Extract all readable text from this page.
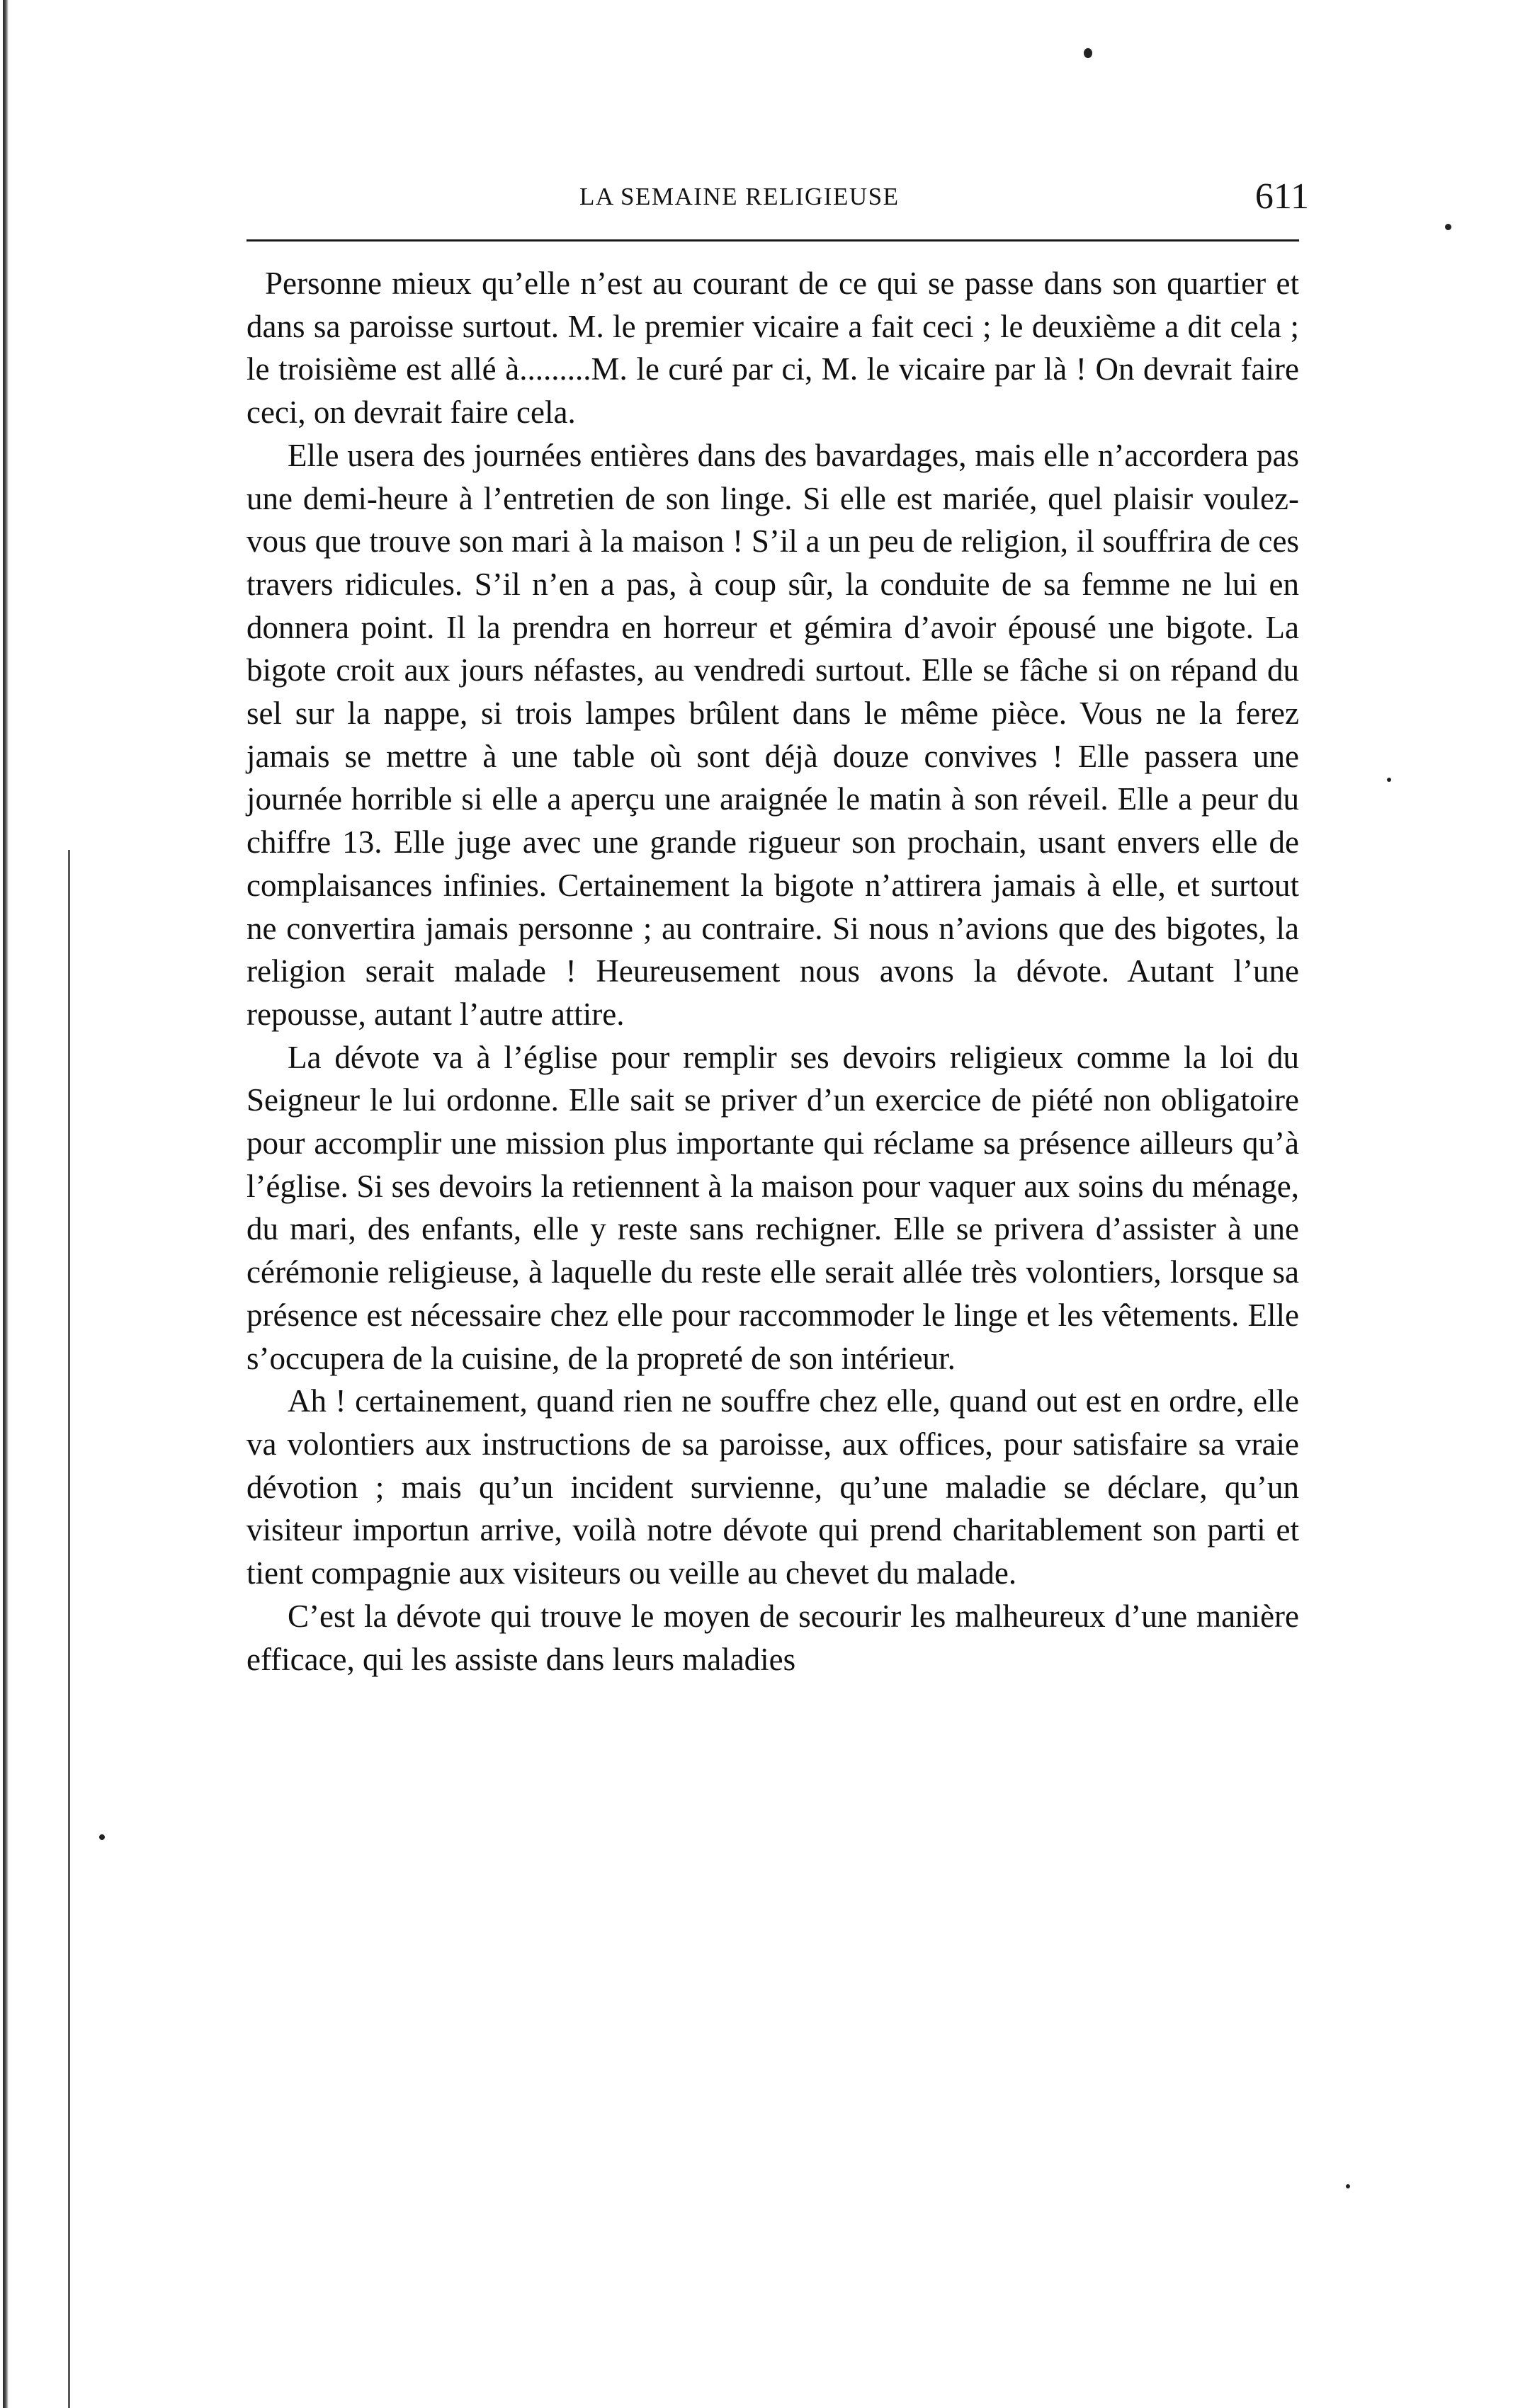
LA SEMAINE RELIGIEUSE	611

Personne mieux qu’elle n’est au courant de ce qui se passe dans son quartier et dans sa paroisse surtout. M. le premier vicaire a fait ceci ; le deuxième a dit cela ; le troisième est allé à.........M. le curé par ci, M. le vicaire par là ! On devrait faire ceci, on devrait faire cela.

Elle usera des journées entières dans des bavardages, mais elle n’accordera pas une demi-heure à l’entretien de son linge. Si elle est mariée, quel plaisir voulez-vous que trouve son mari à la maison ! S’il a un peu de religion, il souffrira de ces travers ridicules. S’il n’en a pas, à coup sûr, la conduite de sa femme ne lui en donnera point. Il la prendra en horreur et gémira d’avoir épousé une bigote. La bigote croit aux jours néfastes, au vendredi surtout. Elle se fâche si on répand du sel sur la nappe, si trois lampes brûlent dans le même pièce. Vous ne la ferez jamais se mettre à une table où sont déjà douze convives ! Elle passera une journée horrible si elle a aperçu une araignée le matin à son réveil. Elle a peur du chiffre 13. Elle juge avec une grande rigueur son prochain, usant envers elle de complaisances infinies. Certainement la bigote n’attirera jamais à elle, et surtout ne convertira jamais personne ; au contraire. Si nous n’avions que des bigotes, la religion serait malade ! Heureusement nous avons la dévote. Autant l’une repousse, autant l’autre attire.

La dévote va à l’église pour remplir ses devoirs religieux comme la loi du Seigneur le lui ordonne. Elle sait se priver d’un exercice de piété non obligatoire pour accomplir une mission plus importante qui réclame sa présence ailleurs qu’à l’église. Si ses devoirs la retiennent à la maison pour vaquer aux soins du ménage, du mari, des enfants, elle y reste sans rechigner. Elle se privera d’assister à une cérémonie religieuse, à laquelle du reste elle serait allée très volontiers, lorsque sa présence est nécessaire chez elle pour raccommoder le linge et les vêtements. Elle s’occupera de la cuisine, de la propreté de son intérieur.

Ah ! certainement, quand rien ne souffre chez elle, quand out est en ordre, elle va volontiers aux instructions de sa paroisse, aux offices, pour satisfaire sa vraie dévotion ; mais qu’un incident survienne, qu’une maladie se déclare, qu’un visiteur importun arrive, voilà notre dévote qui prend charitablement son parti et tient compagnie aux visiteurs ou veille au chevet du malade.

C’est la dévote qui trouve le moyen de secourir les malheureux d’une manière efficace, qui les assiste dans leurs maladies
